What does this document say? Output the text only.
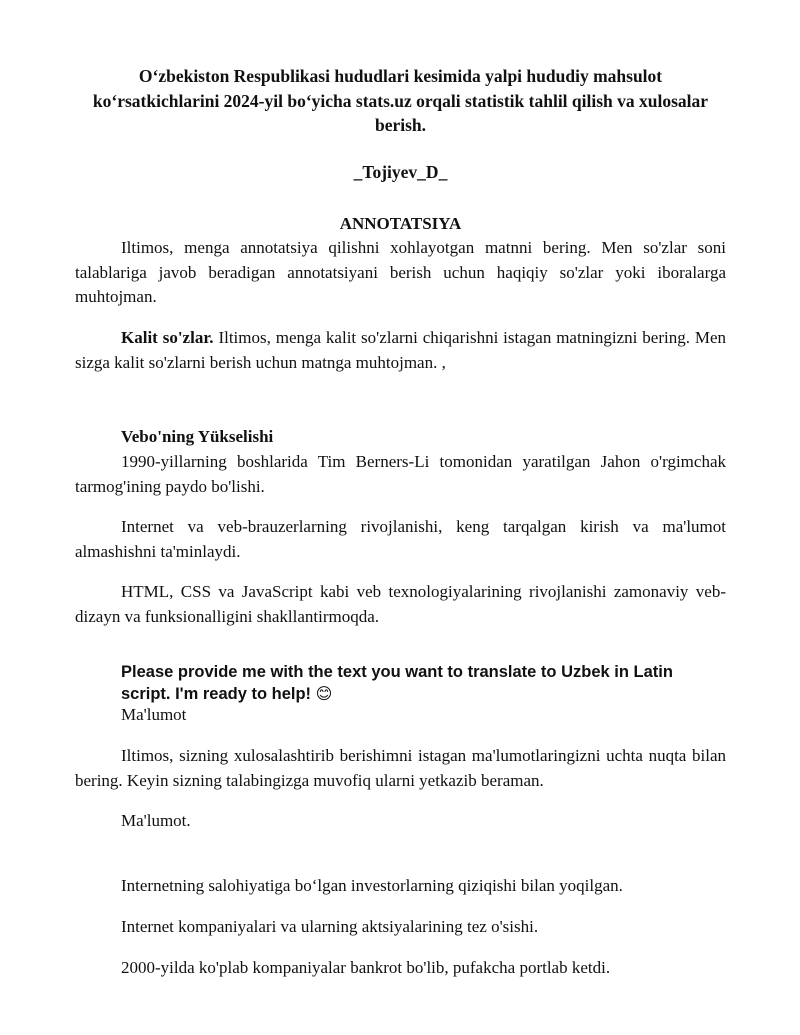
O‘zbekiston Respublikasi hududlari kesimida yalpi hududiy mahsulot ko‘rsatkichlarini 2024-yil bo‘yicha stats.uz orqali statistik tahlil qilish va xulosalar berish.
_Tojiyev_D_
ANNOTATSIYA
Iltimos, menga annotatsiya qilishni xohlayotgan matnni bering. Men so'zlar soni talablariga javob beradigan annotatsiyani berish uchun haqiqiy so'zlar yoki iboralarga muhtojman.
Kalit so'zlar. Iltimos, menga kalit so'zlarni chiqarishni istagan matningizni bering. Men sizga kalit so'zlarni berish uchun matnga muhtojman. ,
Vebo'ning Yükselishi
1990-yillarning boshlarida Tim Berners-Li tomonidan yaratilgan Jahon o'rgimchak tarmog'ining paydo bo'lishi.
Internet va veb-brauzerlarning rivojlanishi, keng tarqalgan kirish va ma'lumot almashishni ta'minlaydi.
HTML, CSS va JavaScript kabi veb texnologiyalarining rivojlanishi zamonaviy veb-dizayn va funksionalligini shakllantirmoqda.
Please provide me with the text you want to translate to Uzbek in Latin script. I'm ready to help! 😊
Ma'lumot
Iltimos, sizning xulosalashtirib berishimni istagan ma'lumotlaringizni uchta nuqta bilan bering. Keyin sizning talabingizga muvofiq ularni yetkazib beraman.
Ma'lumot.
Internetning salohiyatiga bo‘lgan investorlarning qiziqishi bilan yoqilgan.
Internet kompaniyalari va ularning aktsiyalarining tez o'sishi.
2000-yilda ko'plab kompaniyalar bankrot bo'lib, pufakcha portlab ketdi.
